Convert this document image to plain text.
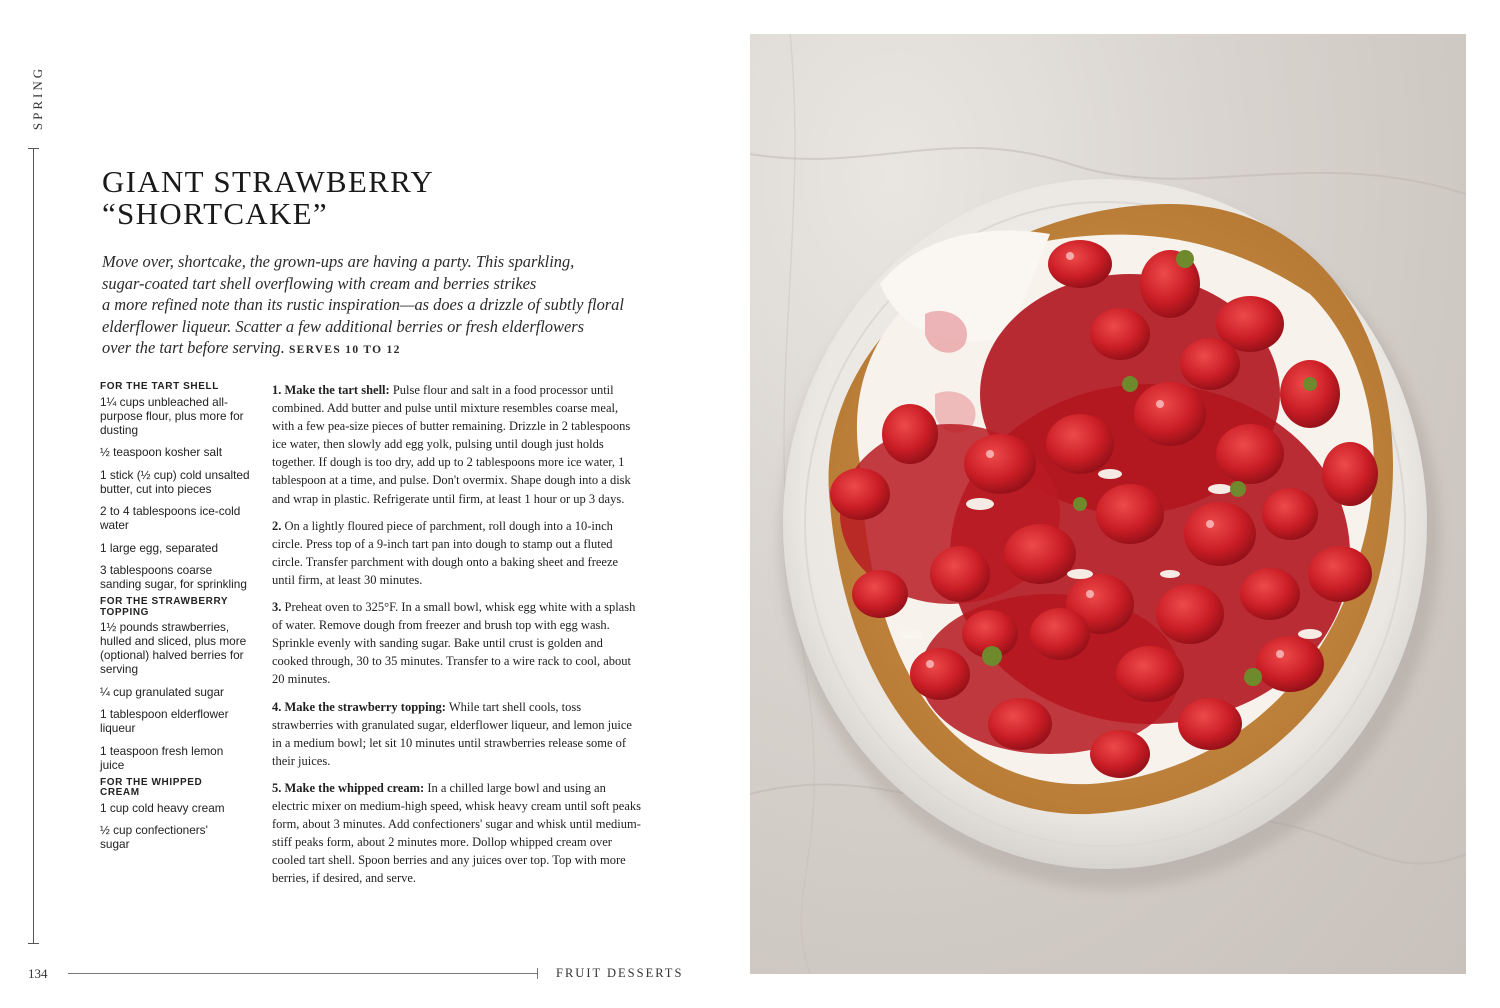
SPRING
GIANT STRAWBERRY
“SHORTCAKE”
Move over, shortcake, the grown-ups are having a party. This sparkling,
sugar-coated tart shell overflowing with cream and berries strikes
a more refined note than its rustic inspiration—as does a drizzle of subtly floral
elderflower liqueur. Scatter a few additional berries or fresh elderflowers
over the tart before serving. SERVES 10 TO 12
FOR THE TART SHELL
1¼ cups unbleached all-purpose flour, plus more for dusting
½ teaspoon kosher salt
1 stick (½ cup) cold unsalted butter, cut into pieces
2 to 4 tablespoons ice-cold water
1 large egg, separated
3 tablespoons coarse sanding sugar, for sprinkling
FOR THE STRAWBERRY TOPPING
1½ pounds strawberries, hulled and sliced, plus more (optional) halved berries for serving
¼ cup granulated sugar
1 tablespoon elderflower liqueur
1 teaspoon fresh lemon juice
FOR THE WHIPPED CREAM
1 cup cold heavy cream
½ cup confectioners' sugar

1. Make the tart shell: Pulse flour and salt in a food processor until combined. Add butter and pulse until mixture resembles coarse meal, with a few pea-size pieces of butter remaining. Drizzle in 2 tablespoons ice water, then slowly add egg yolk, pulsing until dough just holds together. If dough is too dry, add up to 2 tablespoons more ice water, 1 tablespoon at a time, and pulse. Don't overmix. Shape dough into a disk and wrap in plastic. Refrigerate until firm, at least 1 hour or up 3 days.

2. On a lightly floured piece of parchment, roll dough into a 10-inch circle. Press top of a 9-inch tart pan into dough to stamp out a fluted circle. Transfer parchment with dough onto a baking sheet and freeze until firm, at least 30 minutes.

3. Preheat oven to 325°F. In a small bowl, whisk egg white with a splash of water. Remove dough from freezer and brush top with egg wash. Sprinkle evenly with sanding sugar. Bake until crust is golden and cooked through, 30 to 35 minutes. Transfer to a wire rack to cool, about 20 minutes.

4. Make the strawberry topping: While tart shell cools, toss strawberries with granulated sugar, elderflower liqueur, and lemon juice in a medium bowl; let sit 10 minutes until strawberries release some of their juices.

5. Make the whipped cream: In a chilled large bowl and using an electric mixer on medium-high speed, whisk heavy cream until soft peaks form, about 3 minutes. Add confectioners' sugar and whisk until medium-stiff peaks form, about 2 minutes more. Dollop whipped cream over cooled tart shell. Spoon berries and any juices over top. Top with more berries, if desired, and serve.

134	FRUIT DESSERTS
